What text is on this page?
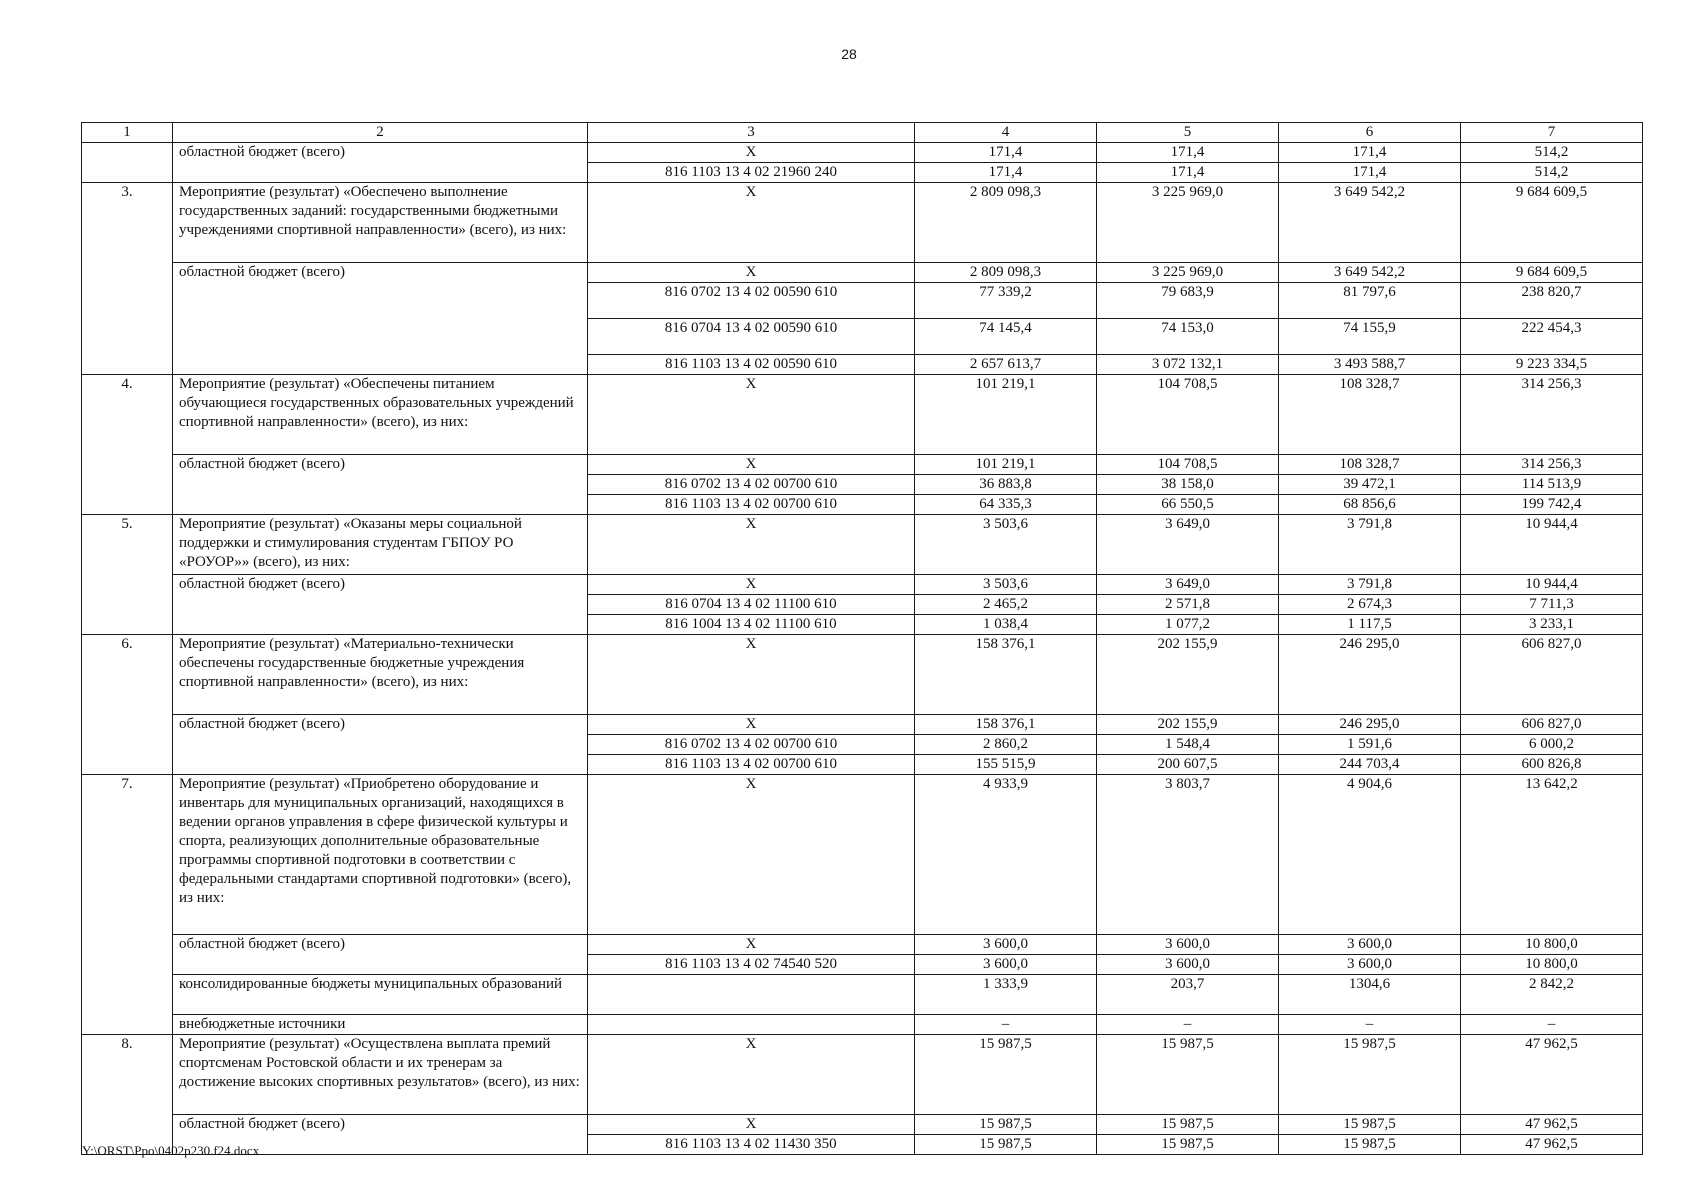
28
1	2	3	4	5	6	7
	областной бюджет (всего)	Х	171,4	171,4	171,4	514,2
		816 1103 13 4 02 21960 240	171,4	171,4	171,4	514,2
3.	Мероприятие (результат) «Обеспечено выполнение государственных заданий: государственными бюджетными учреждениями спортивной направленности» (всего), из них:	Х	2 809 098,3	3 225 969,0	3 649 542,2	9 684 609,5
	областной бюджет (всего)	Х	2 809 098,3	3 225 969,0	3 649 542,2	9 684 609,5
		816 0702 13 4 02 00590 610	77 339,2	79 683,9	81 797,6	238 820,7
		816 0704 13 4 02 00590 610	74 145,4	74 153,0	74 155,9	222 454,3
		816 1103 13 4 02 00590 610	2 657 613,7	3 072 132,1	3 493 588,7	9 223 334,5
4.	Мероприятие (результат) «Обеспечены питанием обучающиеся государственных образовательных учреждений спортивной направленности» (всего), из них:	Х	101 219,1	104 708,5	108 328,7	314 256,3
	областной бюджет (всего)	Х	101 219,1	104 708,5	108 328,7	314 256,3
		816 0702 13 4 02 00700 610	36 883,8	38 158,0	39 472,1	114 513,9
		816 1103 13 4 02 00700 610	64 335,3	66 550,5	68 856,6	199 742,4
5.	Мероприятие (результат) «Оказаны меры социальной поддержки и стимулирования студентам ГБПОУ РО «РОУОР»» (всего), из них:	Х	3 503,6	3 649,0	3 791,8	10 944,4
	областной бюджет (всего)	Х	3 503,6	3 649,0	3 791,8	10 944,4
		816 0704 13 4 02 11100 610	2 465,2	2 571,8	2 674,3	7 711,3
		816 1004 13 4 02 11100 610	1 038,4	1 077,2	1 117,5	3 233,1
6.	Мероприятие (результат) «Материально-технически обеспечены государственные бюджетные учреждения спортивной направленности» (всего), из них:	Х	158 376,1	202 155,9	246 295,0	606 827,0
	областной бюджет (всего)	Х	158 376,1	202 155,9	246 295,0	606 827,0
		816 0702 13 4 02 00700 610	2 860,2	1 548,4	1 591,6	6 000,2
		816 1103 13 4 02 00700 610	155 515,9	200 607,5	244 703,4	600 826,8
7.	Мероприятие (результат) «Приобретено оборудование и инвентарь для муниципальных организаций, находящихся в ведении органов управления в сфере физической культуры и спорта, реализующих дополнительные образовательные программы спортивной подготовки в соответствии с федеральными стандартами спортивной подготовки» (всего), из них:	Х	4 933,9	3 803,7	4 904,6	13 642,2
	областной бюджет (всего)	Х	3 600,0	3 600,0	3 600,0	10 800,0
		816 1103 13 4 02 74540 520	3 600,0	3 600,0	3 600,0	10 800,0
	консолидированные бюджеты муниципальных образований		1 333,9	203,7	1304,6	2 842,2
	внебюджетные источники		–	–	–	–
8.	Мероприятие (результат) «Осуществлена выплата премий спортсменам Ростовской области и их тренерам за достижение высоких спортивных результатов» (всего), из них:	Х	15 987,5	15 987,5	15 987,5	47 962,5
	областной бюджет (всего)	Х	15 987,5	15 987,5	15 987,5	47 962,5
		816 1103 13 4 02 11430 350	15 987,5	15 987,5	15 987,5	47 962,5
Y:\ORST\Ppo\0402p230.f24.docx
